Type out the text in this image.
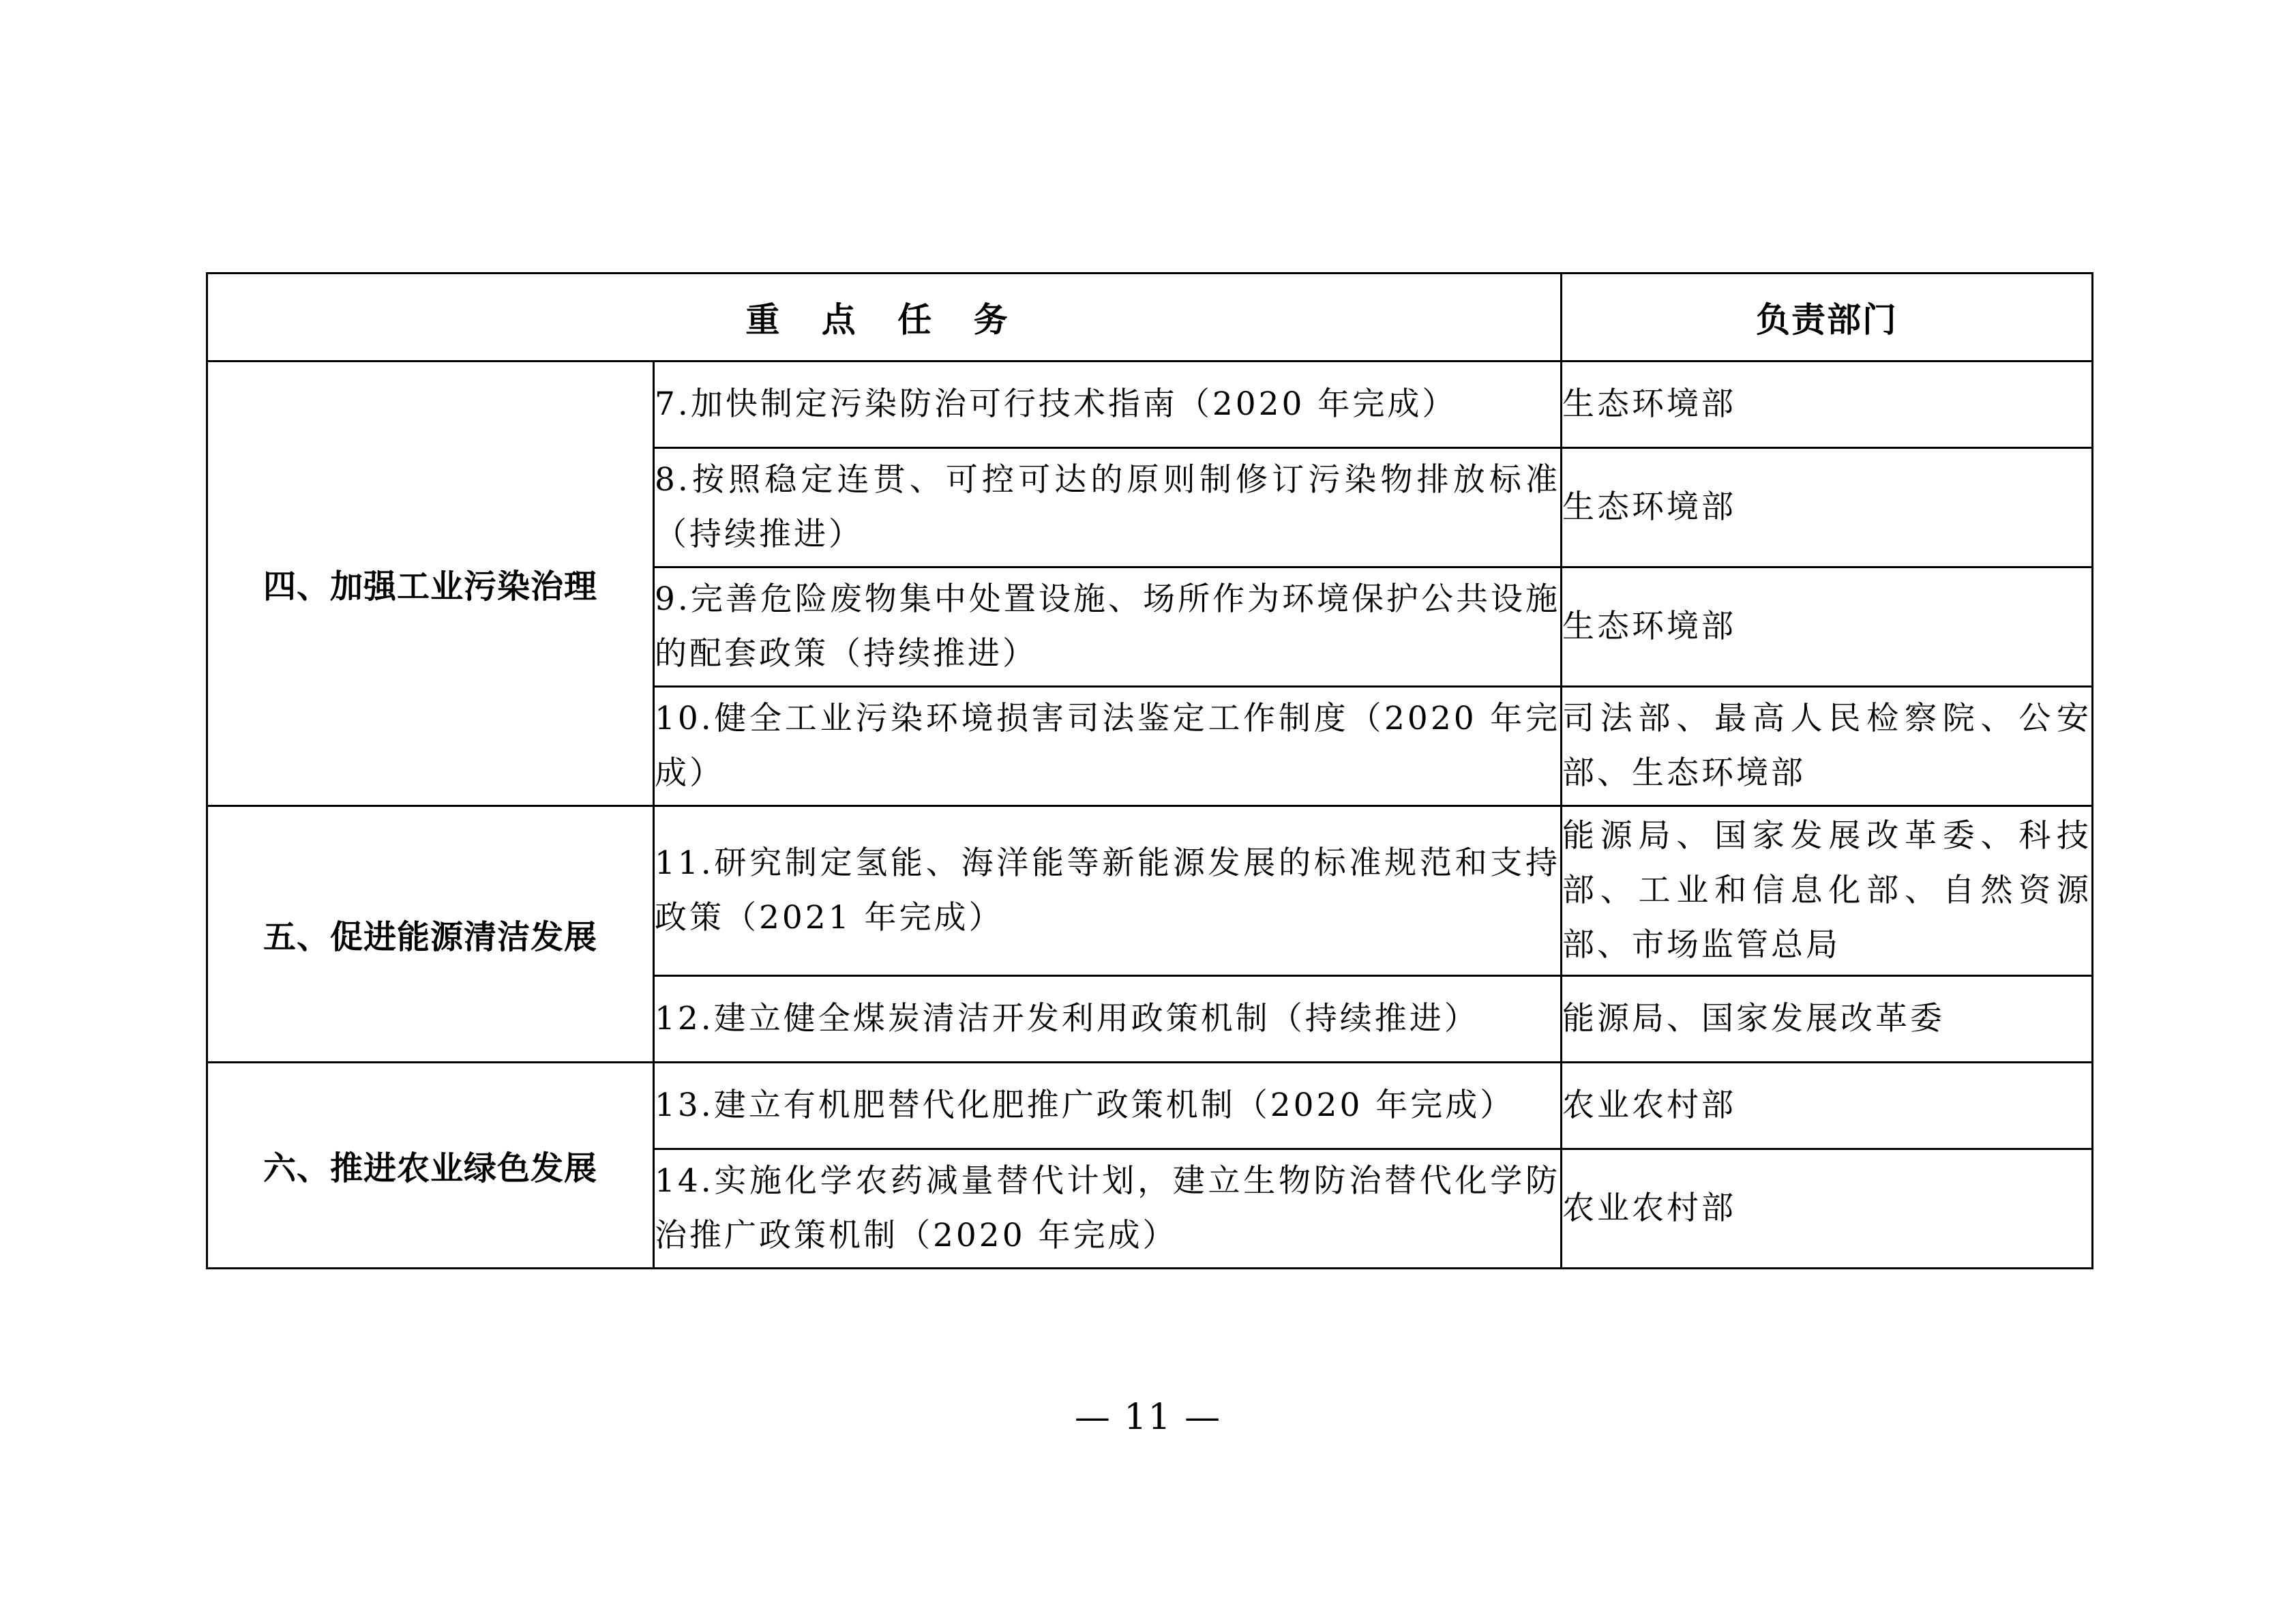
重 点 任 务		负责部门
四、加强工业污染治理	7.加快制定污染防治可行技术指南（2020 年完成）	生态环境部
	8.按照稳定连贯、可控可达的原则制修订污染物排放标准（持续推进）	生态环境部
	9.完善危险废物集中处置设施、场所作为环境保护公共设施的配套政策（持续推进）	生态环境部
	10.健全工业污染环境损害司法鉴定工作制度（2020 年完成）	司法部、最高人民检察院、公安部、生态环境部
五、促进能源清洁发展	11.研究制定氢能、海洋能等新能源发展的标准规范和支持政策（2021 年完成）	能源局、国家发展改革委、科技部、工业和信息化部、自然资源部、市场监管总局
	12.建立健全煤炭清洁开发利用政策机制（持续推进）	能源局、国家发展改革委
六、推进农业绿色发展	13.建立有机肥替代化肥推广政策机制（2020 年完成）	农业农村部
	14.实施化学农药减量替代计划，建立生物防治替代化学防治推广政策机制（2020 年完成）	农业农村部
— 11 —
